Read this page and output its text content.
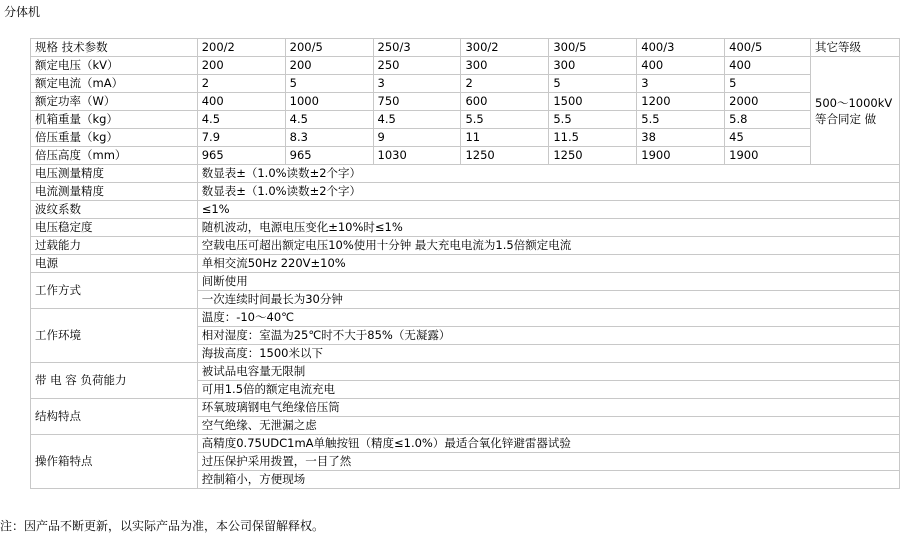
分体机
规格 技术参数	200/2	200/5	250/3	300/2	300/5	400/3	400/5	其它等级
额定电压（kV）	200	200	250	300	300	400	400	500～1000kV等合同定 做
额定电流（mA）	2	5	3	2	5	3	5	
额定功率（W）	400	1000	750	600	1500	1200	2000	
机箱重量（kg）	4.5	4.5	4.5	5.5	5.5	5.5	5.8	
倍压重量（kg）	7.9	8.3	9	11	11.5	38	45	
倍压高度（mm）	965	965	1030	1250	1250	1900	1900	
电压测量精度	数显表±（1.0%读数±2个字）							
电流测量精度	数显表±（1.0%读数±2个字）							
波纹系数	≤1%							
电压稳定度	随机波动，电源电压变化±10%时≤1%							
过载能力	空载电压可超出额定电压10%使用十分钟 最大充电电流为1.5倍额定电流							
电源	单相交流50Hz 220V±10%							
工作方式	间断使用							
	一次连续时间最长为30分钟							
工作环境	温度：-10～40℃							
	相对湿度：室温为25℃时不大于85%（无凝露）							
	海拔高度：1500米以下							
带 电 容 负荷能力	被试品电容量无限制							
	可用1.5倍的额定电流充电							
结构特点	环氧玻璃钢电气绝缘倍压筒							
	空气绝缘、无泄漏之虑							
操作箱特点	高精度0.75UDC1mA单触按钮（精度≤1.0%）最适合氧化锌避雷器试验							
	过压保护采用拨置，一目了然							
	控制箱小，方便现场							
注：因产品不断更新，以实际产品为准，本公司保留解释权。
